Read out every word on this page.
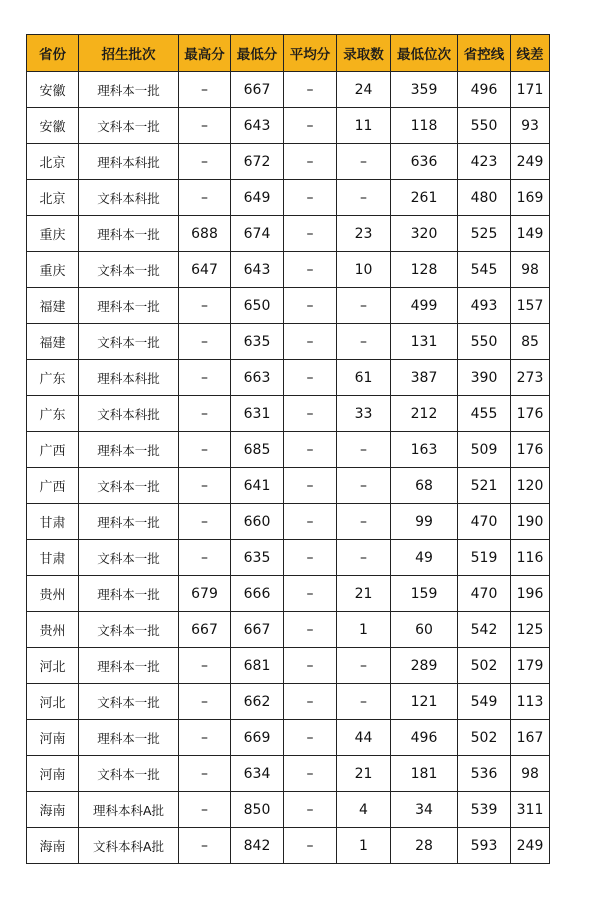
省份	招生批次	最高分	最低分	平均分	录取数	最低位次	省控线	线差
安徽	理科本一批	–	667	–	24	359	496	171
安徽	文科本一批	–	643	–	11	118	550	93
北京	理科本科批	–	672	–	–	636	423	249
北京	文科本科批	–	649	–	–	261	480	169
重庆	理科本一批	688	674	–	23	320	525	149
重庆	文科本一批	647	643	–	10	128	545	98
福建	理科本一批	–	650	–	–	499	493	157
福建	文科本一批	–	635	–	–	131	550	85
广东	理科本科批	–	663	–	61	387	390	273
广东	文科本科批	–	631	–	33	212	455	176
广西	理科本一批	–	685	–	–	163	509	176
广西	文科本一批	–	641	–	–	68	521	120
甘肃	理科本一批	–	660	–	–	99	470	190
甘肃	文科本一批	–	635	–	–	49	519	116
贵州	理科本一批	679	666	–	21	159	470	196
贵州	文科本一批	667	667	–	1	60	542	125
河北	理科本一批	–	681	–	–	289	502	179
河北	文科本一批	–	662	–	–	121	549	113
河南	理科本一批	–	669	–	44	496	502	167
河南	文科本一批	–	634	–	21	181	536	98
海南	理科本科A批	–	850	–	4	34	539	311
海南	文科本科A批	–	842	–	1	28	593	249
